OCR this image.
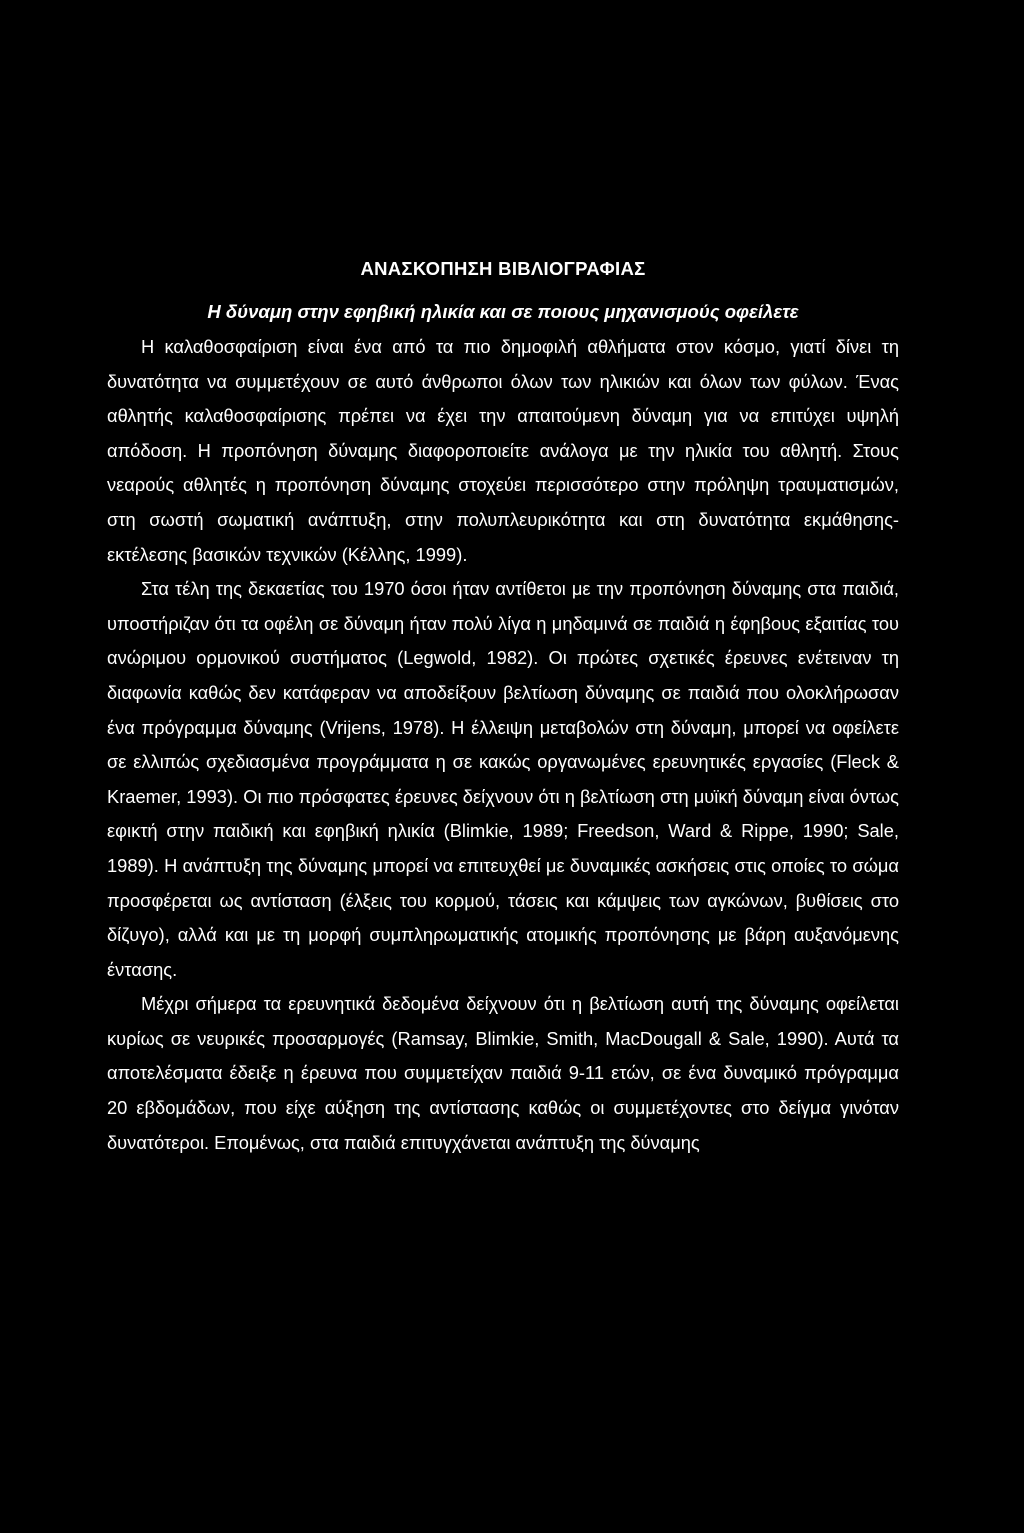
ΑΝΑΣΚΟΠΗΣΗ ΒΙΒΛΙΟΓΡΑΦΙΑΣ
Η δύναμη στην εφηβική ηλικία και σε ποιους μηχανισμούς οφείλετε

Η καλαθοσφαίριση είναι ένα από τα πιο δημοφιλή αθλήματα στον κόσμο, γιατί δίνει τη δυνατότητα να συμμετέχουν σε αυτό άνθρωποι όλων των ηλικιών και όλων των φύλων. Ένας αθλητής καλαθοσφαίρισης πρέπει να έχει την απαιτούμενη δύναμη για να επιτύχει υψηλή απόδοση. Η προπόνηση δύναμης διαφοροποιείτε ανάλογα με την ηλικία του αθλητή. Στους νεαρούς αθλητές η προπόνηση δύναμης στοχεύει περισσότερο στην πρόληψη τραυματισμών, στη σωστή σωματική ανάπτυξη, στην πολυπλευρικότητα και στη δυνατότητα εκμάθησης-εκτέλεσης βασικών τεχνικών (Κέλλης, 1999).

Στα τέλη της δεκαετίας του 1970 όσοι ήταν αντίθετοι με την προπόνηση δύναμης στα παιδιά, υποστήριζαν ότι τα οφέλη σε δύναμη ήταν πολύ λίγα η μηδαμινά σε παιδιά η έφηβους εξαιτίας του ανώριμου ορμονικού συστήματος (Legwold, 1982). Οι πρώτες σχετικές έρευνες ενέτειναν τη διαφωνία καθώς δεν κατάφεραν να αποδείξουν βελτίωση δύναμης σε παιδιά που ολοκλήρωσαν ένα πρόγραμμα δύναμης (Vrijens, 1978). Η έλλειψη μεταβολών στη δύναμη, μπορεί να οφείλετε σε ελλιπώς σχεδιασμένα προγράμματα η σε κακώς οργανωμένες ερευνητικές εργασίες (Fleck & Kraemer, 1993). Οι πιο πρόσφατες έρευνες δείχνουν ότι η βελτίωση στη μυϊκή δύναμη είναι όντως εφικτή στην παιδική και εφηβική ηλικία (Blimkie, 1989; Freedson, Ward & Rippe, 1990; Sale, 1989). Η ανάπτυξη της δύναμης μπορεί να επιτευχθεί με δυναμικές ασκήσεις στις οποίες το σώμα προσφέρεται ως αντίσταση (έλξεις του κορμού, τάσεις και κάμψεις των αγκώνων, βυθίσεις στο δίζυγο), αλλά και με τη μορφή συμπληρωματικής ατομικής προπόνησης με βάρη αυξανόμενης έντασης.

Μέχρι σήμερα τα ερευνητικά δεδομένα δείχνουν ότι η βελτίωση αυτή της δύναμης οφείλεται κυρίως σε νευρικές προσαρμογές (Ramsay, Blimkie, Smith, MacDougall & Sale, 1990). Αυτά τα αποτελέσματα έδειξε η έρευνα που συμμετείχαν παιδιά 9-11 ετών, σε ένα δυναμικό πρόγραμμα 20 εβδομάδων, που είχε αύξηση της αντίστασης καθώς οι συμμετέχοντες στο δείγμα γινόταν δυνατότεροι. Επομένως, στα παιδιά επιτυγχάνεται ανάπτυξη της δύναμης
